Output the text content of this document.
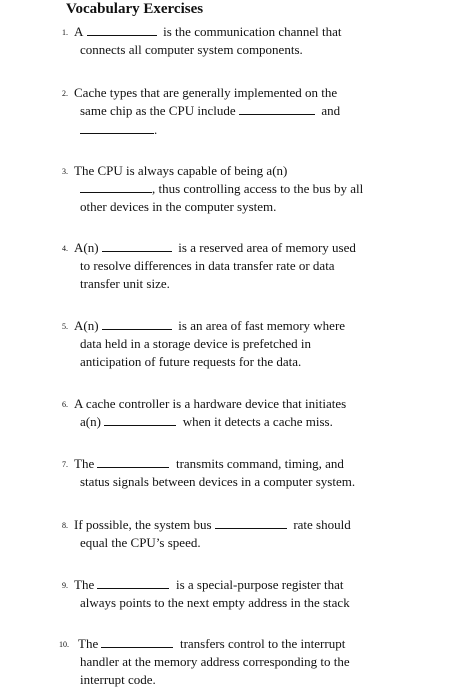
Vocabulary Exercises
1. A	is the communication channel that
connects all computer system components.
2. Cache types that are generally implemented on the
same chip as the CPU include	and
.
3. The CPU is always capable of being a(n)
, thus controlling access to the bus by all
other devices in the computer system.
4. A(n)	is a reserved area of memory used
to resolve differences in data transfer rate or data
transfer unit size.
5. A(n)	is an area of fast memory where
data held in a storage device is prefetched in
anticipation of future requests for the data.
6. A cache controller is a hardware device that initiates
a(n)	when it detects a cache miss.
7. The	transmits command, timing, and
status signals between devices in a computer system.
8. If possible, the system bus	rate should
equal the CPU’s speed.
9. The	is a special-purpose register that
always points to the next empty address in the stack
10. The	transfers control to the interrupt
handler at the memory address corresponding to the
interrupt code.
